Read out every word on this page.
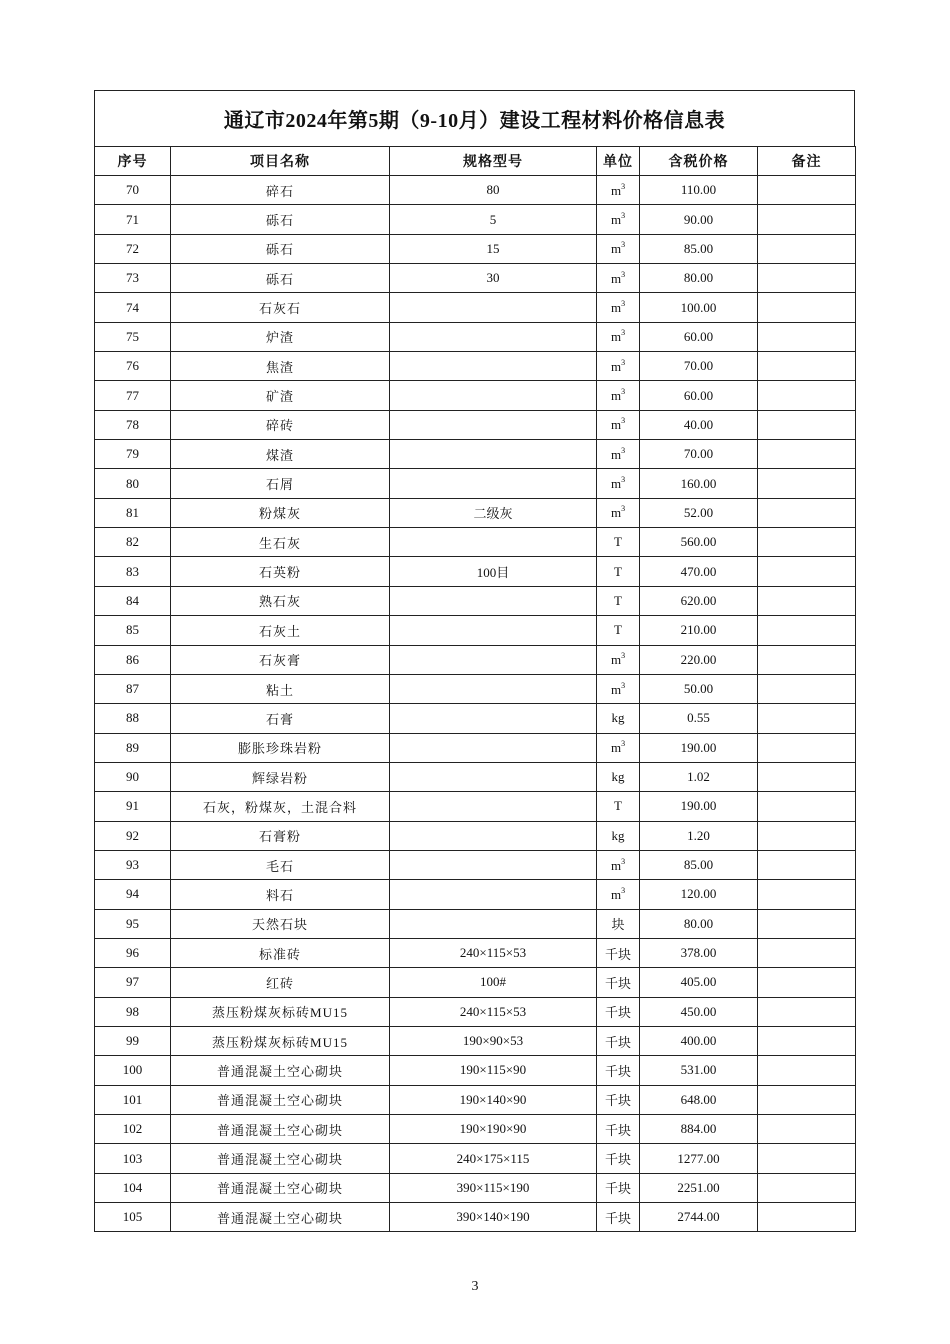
通辽市2024年第5期（9-10月）建设工程材料价格信息表
序号	项目名称	规格型号	单位	含税价格	备注
70	碎石	80	$m^3$	110.00	
71	砾石	5	$m^3$	90.00	
72	砾石	15	$m^3$	85.00	
73	砾石	30	$m^3$	80.00	
74	石灰石		$m^3$	100.00	
75	炉渣		$m^3$	60.00	
76	焦渣		$m^3$	70.00	
77	矿渣		$m^3$	60.00	
78	碎砖		$m^3$	40.00	
79	煤渣		$m^3$	70.00	
80	石屑		$m^3$	160.00	
81	粉煤灰	二级灰	$m^3$	52.00	
82	生石灰		T	560.00	
83	石英粉	100目	T	470.00	
84	熟石灰		T	620.00	
85	石灰土		T	210.00	
86	石灰膏		$m^3$	220.00	
87	粘土		$m^3$	50.00	
88	石膏		kg	0.55	
89	膨胀珍珠岩粉		$m^3$	190.00	
90	辉绿岩粉		kg	1.02	
91	石灰，粉煤灰，土混合料		T	190.00	
92	石膏粉		kg	1.20	
93	毛石		$m^3$	85.00	
94	料石		$m^3$	120.00	
95	天然石块		块	80.00	
96	标准砖	240×115×53	千块	378.00	
97	红砖	100#	千块	405.00	
98	蒸压粉煤灰标砖MU15	240×115×53	千块	450.00	
99	蒸压粉煤灰标砖MU15	190×90×53	千块	400.00	
100	普通混凝土空心砌块	190×115×90	千块	531.00	
101	普通混凝土空心砌块	190×140×90	千块	648.00	
102	普通混凝土空心砌块	190×190×90	千块	884.00	
103	普通混凝土空心砌块	240×175×115	千块	1277.00	
104	普通混凝土空心砌块	390×115×190	千块	2251.00	
105	普通混凝土空心砌块	390×140×190	千块	2744.00	
3
